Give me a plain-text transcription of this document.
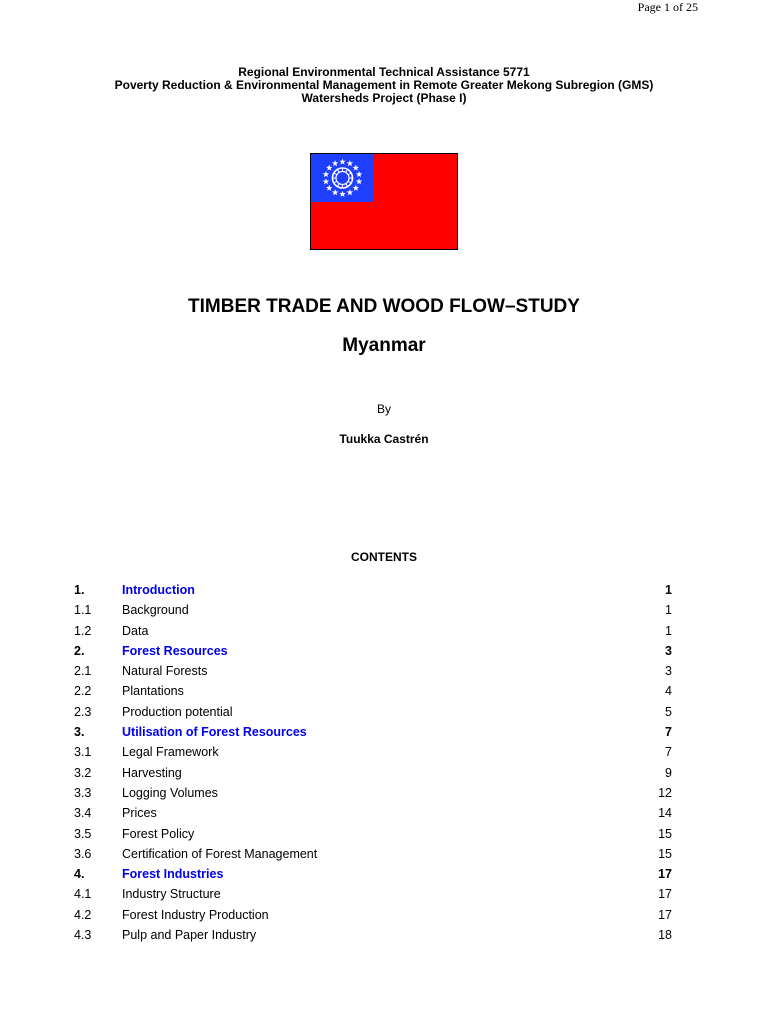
Page 1 of 25
Regional Environmental Technical Assistance 5771
Poverty Reduction & Environmental Management in Remote Greater Mekong Subregion (GMS)
Watersheds Project (Phase I)
TIMBER TRADE AND WOOD FLOW–STUDY
Myanmar
By
Tuukka Castrén
CONTENTS
1.	Introduction	1
1.1 Background	1
1.2 Data	1
2.	Forest Resources	3
2.1 Natural Forests	3
2.2 Plantations	4
2.3 Production potential	5
3.	Utilisation of Forest Resources	7
3.1 Legal Framework	7
3.2 Harvesting	9
3.3 Logging Volumes	12
3.4 Prices	14
3.5 Forest Policy	15
3.6 Certification of Forest Management	15
4.	Forest Industries	17
4.1 Industry Structure	17
4.2 Forest Industry Production	17
4.3 Pulp and Paper Industry	18
